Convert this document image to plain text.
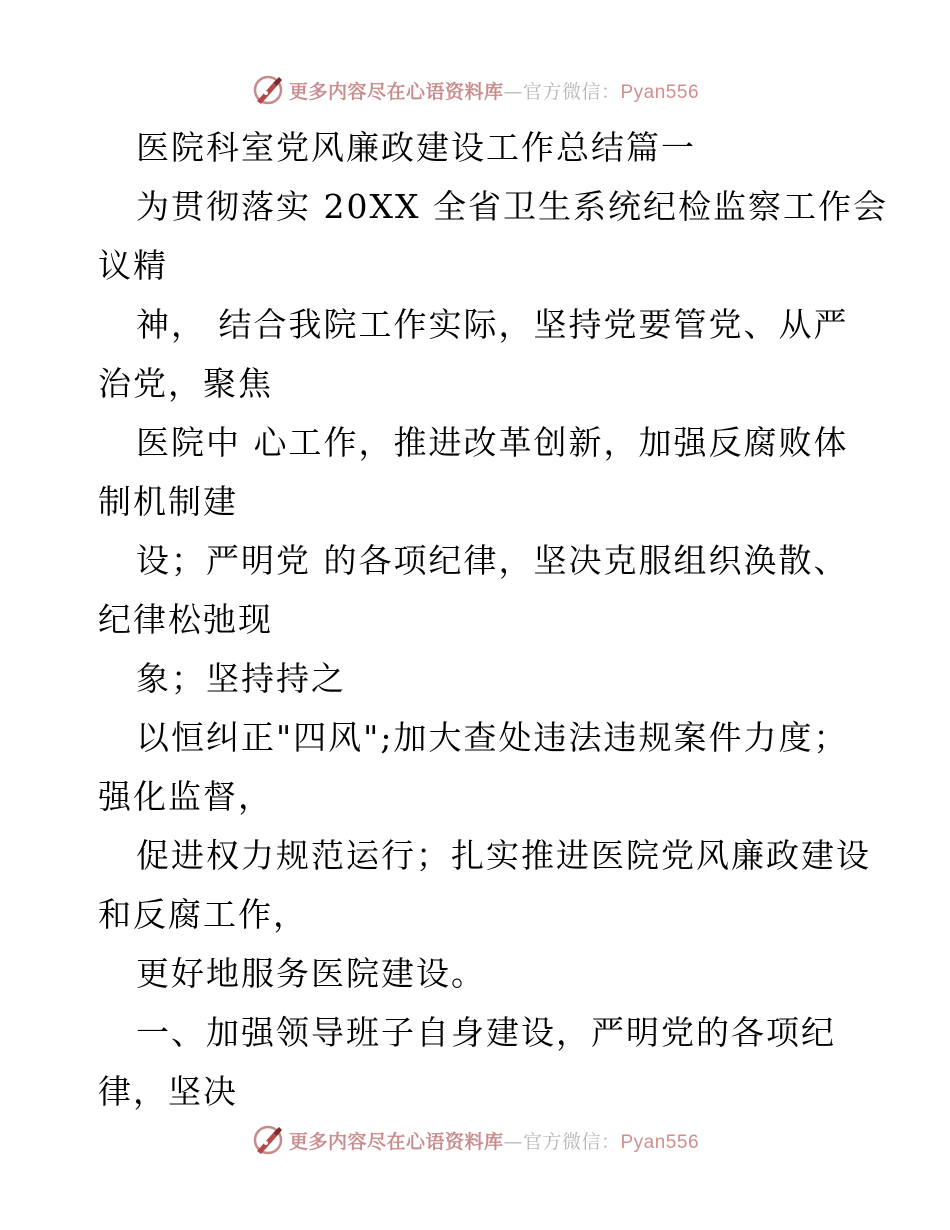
更多内容尽在心语资料库—官方微信：Pyan556
医院科室党风廉政建设工作总结篇一
为贯彻落实 20XX 全省卫生系统纪检监察工作会
议精
神， 结合我院工作实际，坚持党要管党、从严
治党，聚焦
医院中 心工作，推进改革创新，加强反腐败体
制机制建
设；严明党 的各项纪律，坚决克服组织涣散、
纪律松弛现
象；坚持持之
以恒纠正"四风";加大查处违法违规案件力度；
强化监督，
促进权力规范运行；扎实推进医院党风廉政建设
和反腐工作，
更好地服务医院建设。
一、加强领导班子自身建设，严明党的各项纪
律，坚决
更多内容尽在心语资料库—官方微信：Pyan556
